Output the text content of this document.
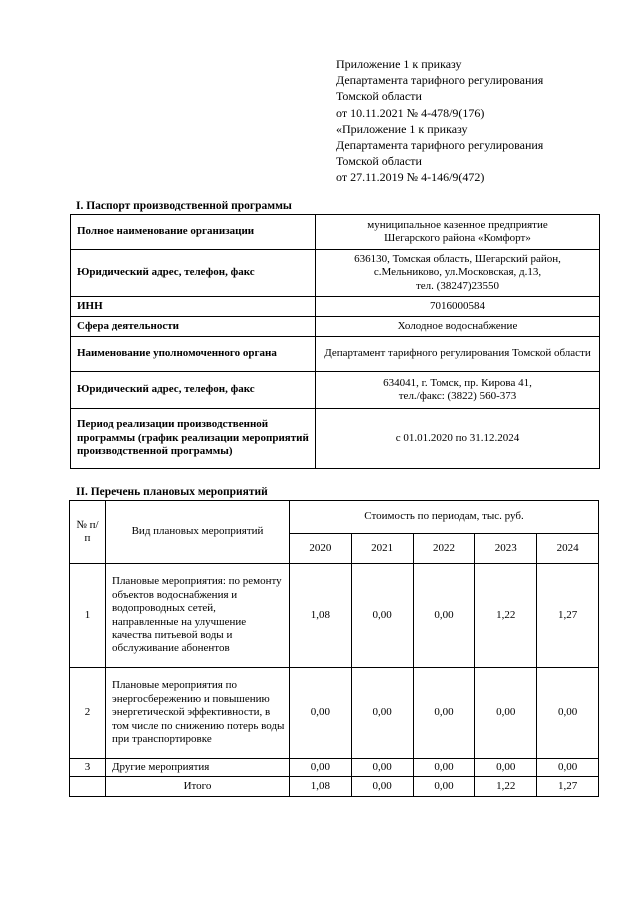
Приложение 1 к приказу
Департамента тарифного регулирования
Томской области
от 10.11.2021 № 4-478/9(176)
«Приложение 1 к приказу
Департамента тарифного регулирования
Томской области
от 27.11.2019 № 4-146/9(472)
I. Паспорт производственной программы
Полное наименование организации	муниципальное казенное предприятие
Шегарского района «Комфорт»

Юридический адрес, телефон, факс	636130, Томская область, Шегарский район,
с.Мельниково, ул.Московская, д.13,
тел. (38247)23550

ИНН	7016000584
Сфера деятельности	Холодное водоснабжение
Наименование уполномоченного органа	Департамент тарифного регулирования Томской области
Юридический адрес, телефон, факс	634041, г. Томск, пр. Кирова 41,
тел./факс: (3822) 560-373

Период реализации производственной программы (график реализации мероприятий производственной программы)	с 01.01.2020 по 31.12.2024
II. Перечень плановых мероприятий
№ п/п	Вид плановых мероприятий	Стоимость по периодам, тыс. руб.				
		2020	2021	2022	2023	2024
1	Плановые мероприятия: по ремонту объектов водоснабжения и водопроводных сетей, направленные на улучшение качества питьевой воды и обслуживание абонентов	1,08	0,00	0,00	1,22	1,27
2	Плановые мероприятия по энергосбережению и повышению энергетической эффективности, в том числе по снижению потерь воды при транспортировке	0,00	0,00	0,00	0,00	0,00
3	Другие мероприятия	0,00	0,00	0,00	0,00	0,00
	Итого	1,08	0,00	0,00	1,22	1,27
